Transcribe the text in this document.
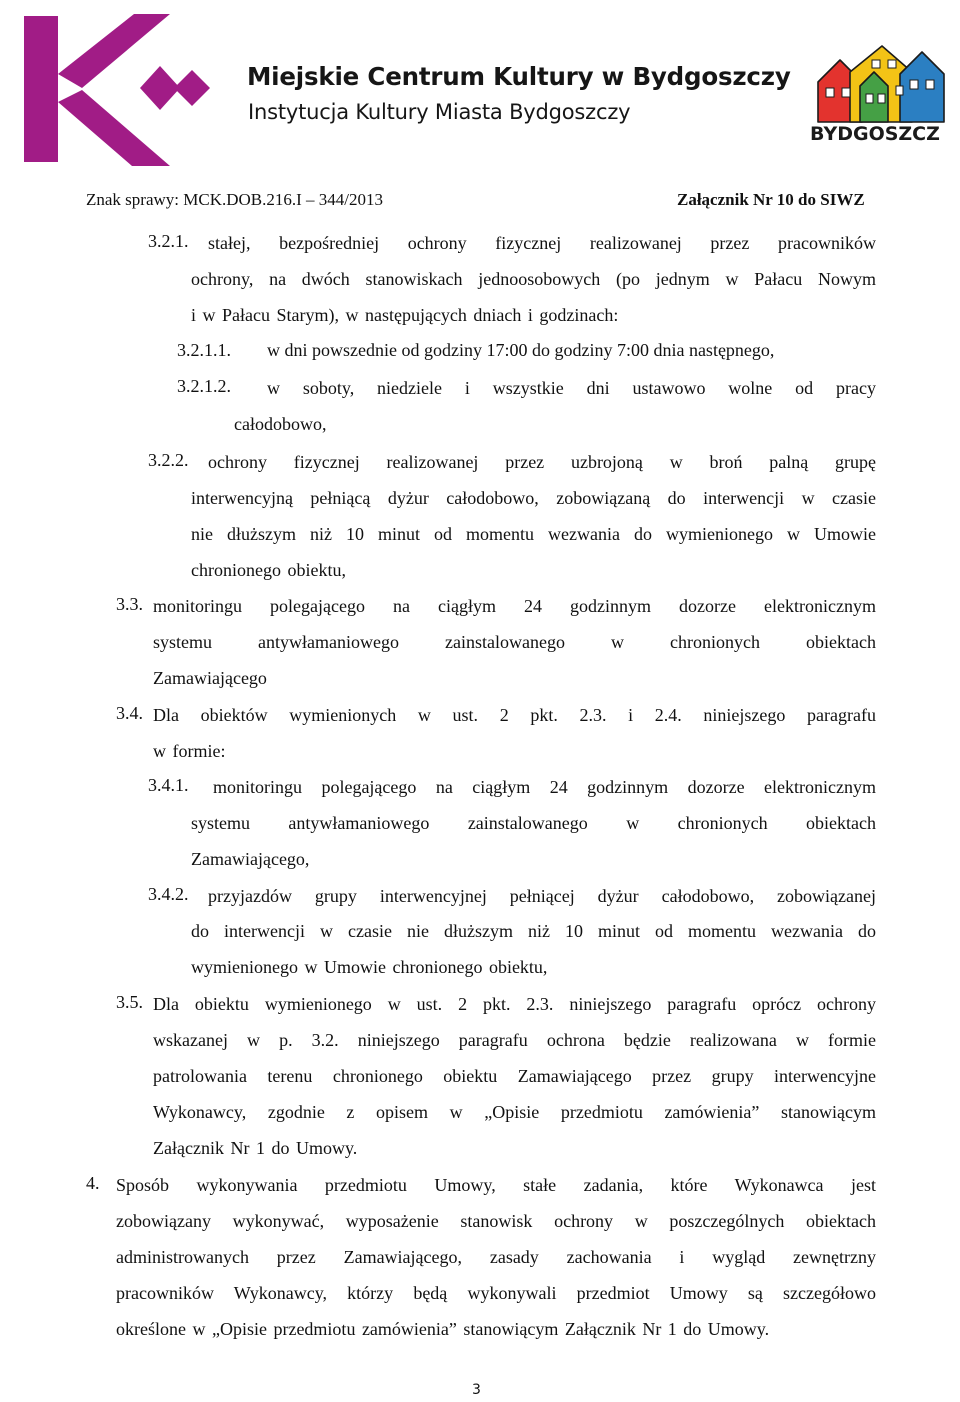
Miejskie Centrum Kultury w Bydgoszczy
Instytucja Kultury Miasta Bydgoszczy
BYDGOSZCZ
Znak sprawy: MCK.DOB.216.I – 344/2013	Załącznik Nr 10 do SIWZ
3.2.1. stałej, bezpośredniej ochrony fizycznej realizowanej przez pracowników
ochrony, na dwóch stanowiskach jednoosobowych (po jednym w Pałacu Nowym
i w Pałacu Starym), w następujących dniach i godzinach:
3.2.1.1. w dni powszednie od godziny 17:00 do godziny 7:00 dnia następnego,
3.2.1.2. w soboty, niedziele i wszystkie dni ustawowo wolne od pracy
całodobowo,
3.2.2. ochrony fizycznej realizowanej przez uzbrojoną w broń palną grupę
interwencyjną pełniącą dyżur całodobowo, zobowiązaną do interwencji w czasie
nie dłuższym niż 10 minut od momentu wezwania do wymienionego w Umowie
chronionego obiektu,
3.3. monitoringu polegającego na ciągłym 24 godzinnym dozorze elektronicznym
systemu antywłamaniowego zainstalowanego w chronionych obiektach
Zamawiającego
3.4. Dla obiektów wymienionych w ust. 2 pkt. 2.3. i 2.4. niniejszego paragrafu
w formie:
3.4.1. monitoringu polegającego na ciągłym 24 godzinnym dozorze elektronicznym
systemu antywłamaniowego zainstalowanego w chronionych obiektach
Zamawiającego,
3.4.2. przyjazdów grupy interwencyjnej pełniącej dyżur całodobowo, zobowiązanej
do interwencji w czasie nie dłuższym niż 10 minut od momentu wezwania do
wymienionego w Umowie chronionego obiektu,
3.5. Dla obiektu wymienionego w ust. 2 pkt. 2.3. niniejszego paragrafu oprócz ochrony
wskazanej w p. 3.2. niniejszego paragrafu ochrona będzie realizowana w formie
patrolowania terenu chronionego obiektu Zamawiającego przez grupy interwencyjne
Wykonawcy, zgodnie z opisem w „Opisie przedmiotu zamówienia” stanowiącym
Załącznik Nr 1 do Umowy.
4. Sposób wykonywania przedmiotu Umowy, stałe zadania, które Wykonawca jest
zobowiązany wykonywać, wyposażenie stanowisk ochrony w poszczególnych obiektach
administrowanych przez Zamawiającego, zasady zachowania i wygląd zewnętrzny
pracowników Wykonawcy, którzy będą wykonywali przedmiot Umowy są szczegółowo
określone w „Opisie przedmiotu zamówienia” stanowiącym Załącznik Nr 1 do Umowy.
3
